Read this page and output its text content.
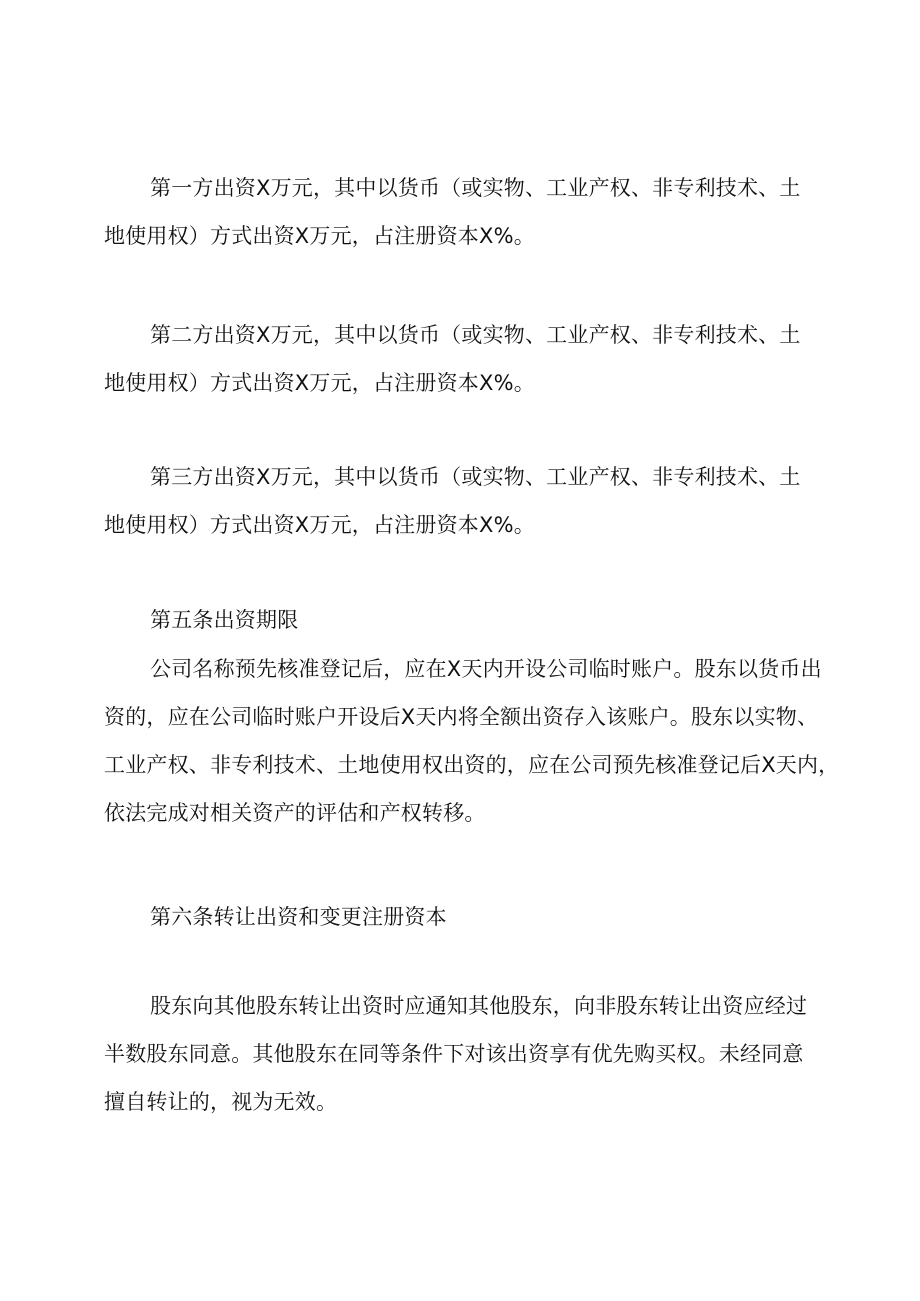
第一方出资X万元，其中以货币（或实物、工业产权、非专利技术、土
地使用权）方式出资X万元，占注册资本X%。

第二方出资X万元，其中以货币（或实物、工业产权、非专利技术、土
地使用权）方式出资X万元，占注册资本X%。

第三方出资X万元，其中以货币（或实物、工业产权、非专利技术、土
地使用权）方式出资X万元，占注册资本X%。

第五条出资期限

公司名称预先核准登记后，应在X天内开设公司临时账户。股东以货币出
资的，应在公司临时账户开设后X天内将全额出资存入该账户。股东以实物、
工业产权、非专利技术、土地使用权出资的，应在公司预先核准登记后X天内，
依法完成对相关资产的评估和产权转移。

第六条转让出资和变更注册资本

股东向其他股东转让出资时应通知其他股东，向非股东转让出资应经过
半数股东同意。其他股东在同等条件下对该出资享有优先购买权。未经同意
擅自转让的，视为无效。
